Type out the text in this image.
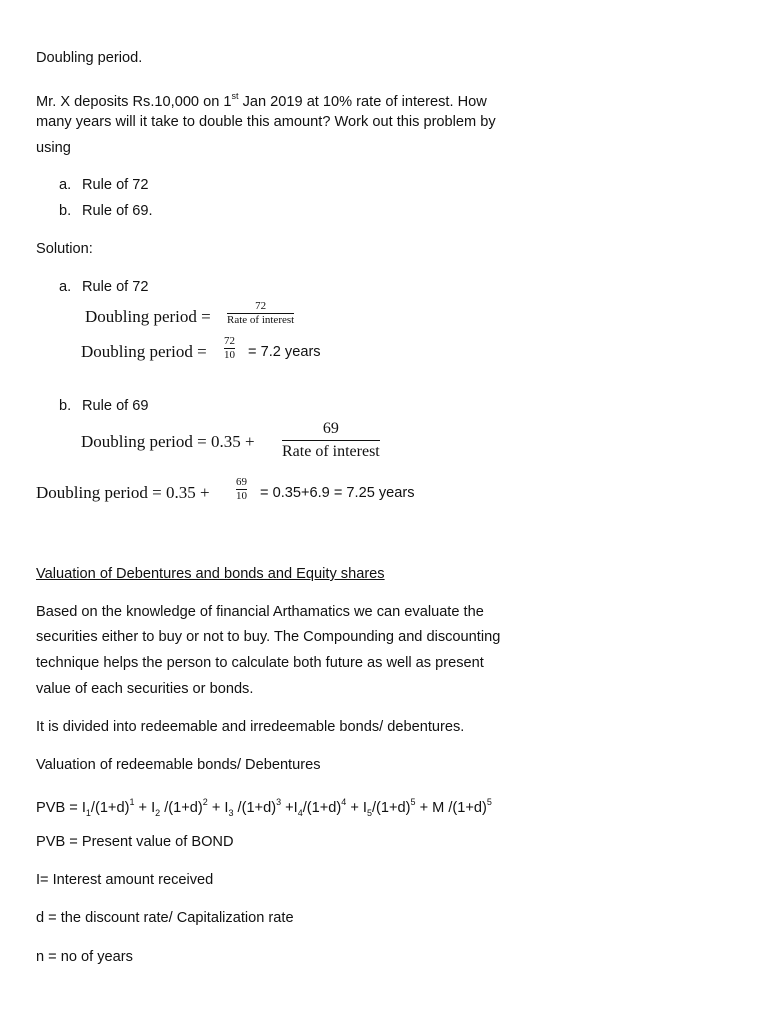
Doubling period.
Mr. X deposits Rs.10,000 on 1st Jan 2019 at 10% rate of interest. How
many years will it take to double this amount? Work out this problem by
using
a. Rule of 72
b. Rule of 69.
Solution:
a. Rule of 72
Doubling period =
72
Rate of interest
Doubling period =
72
10 = 7.2 years
b. Rule of 69
Doubling period = 0.35 +
69
Rate of interest
Doubling period = 0.35 +
69
10 = 0.35+6.9 = 7.25 years
Valuation of Debentures and bonds and Equity shares
Based on the knowledge of financial Arthamatics we can evaluate the
securities either to buy or not to buy. The Compounding and discounting
technique helps the person to calculate both future as well as present
value of each securities or bonds.
It is divided into redeemable and irredeemable bonds/ debentures.
Valuation of redeemable bonds/ Debentures
PVB = $I_1/(1+d)^1 + I_2$ $/(1+d)^2 + I_3$ $/(1+d)^3 +I_4/(1+d)^4 + I_5/(1+d)^5 + M$ $/(1+d)^5$
PVB = Present value of BOND
I= Interest amount received
d = the discount rate/ Capitalization rate
n = no of years
